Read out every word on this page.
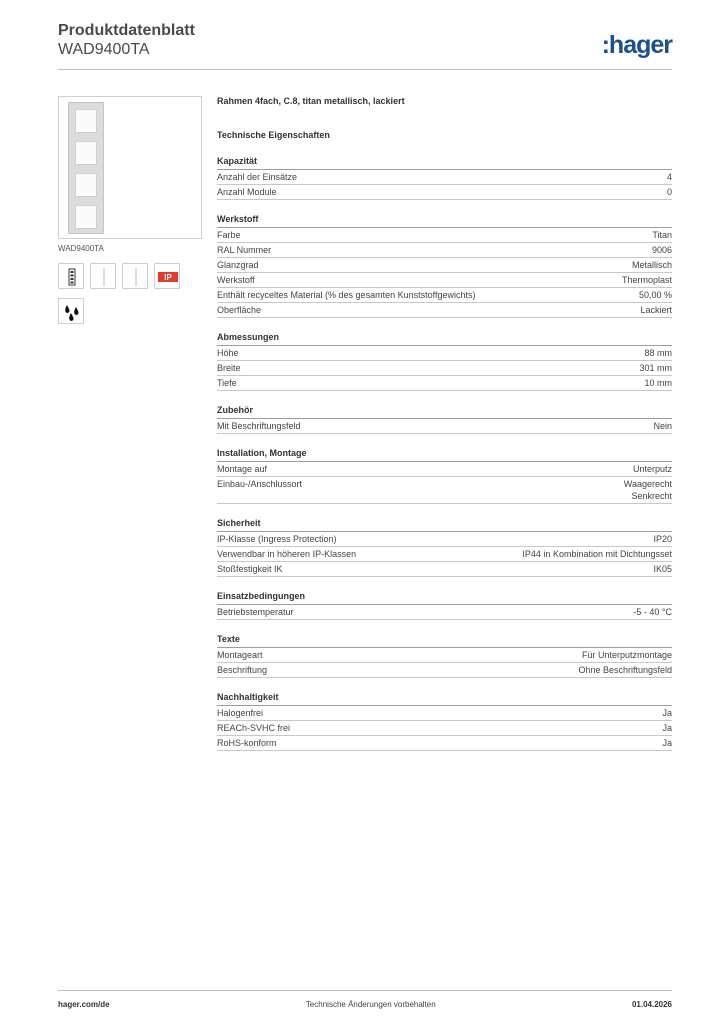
Produktdatenblatt
WAD9400TA	:hager
WAD9400TA
IP
Rahmen 4fach, C.8, titan metallisch, lackiert
Technische Eigenschaften
Kapazität
Anzahl der Einsätze	4
Anzahl Module	0
Werkstoff
Farbe	Titan
RAL Nummer	9006
Glanzgrad	Metallisch
Werkstoff	Thermoplast
Enthält recyceltes Material (% des gesamten Kunststoffgewichts)	50,00 %
Oberfläche	Lackiert
Abmessungen
Höhe	88 mm
Breite	301 mm
Tiefe	10 mm
Zubehör
Mit Beschriftungsfeld	Nein
Installation, Montage
Montage auf	Unterputz
Einbau-/Anschlussort	Waagerecht
Senkrecht
Sicherheit
IP-Klasse (Ingress Protection)	IP20
Verwendbar in höheren IP-Klassen	IP44 in Kombination mit Dichtungsset
Stoßfestigkeit IK	IK05
Einsatzbedingungen
Betriebstemperatur	-5 - 40 °C
Texte
Montageart	Für Unterputzmontage
Beschriftung	Ohne Beschriftungsfeld
Nachhaltigkeit
Halogenfrei	Ja
REACh-SVHC frei	Ja
RoHS-konform	Ja
hager.com/de	Technische Änderungen vorbehalten	01.04.2026
